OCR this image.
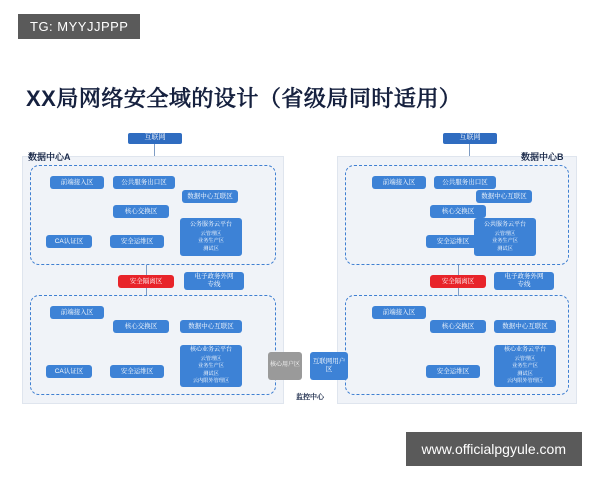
TG: MYYJJPPP
XX局网络安全域的设计（省级局同时适用）
互联网	互联网
数据中心A
前端接入区	公共服务出口区
数据中心互联区
核心交换区
公务服务云平台
云管理区
业务生产区
测试区
CA认证区	安全运维区
安全隔离区
电子政务外网
专线
前端接入区
核心交换区	数据中心互联区
核心业务云平台
云管理区
业务生产区
测试区
云内限外管理区
CA认证区	安全运维区
数据中心B
前端接入区	公共服务出口区
数据中心互联区
核心交换区
公共服务云平台
云管理区
业务生产区
测试区
安全运维区
安全隔离区
电子政务外网
专线
前端接入区
核心交换区	数据中心互联区
核心业务云平台
云管理区
业务生产区
测试区
云内限外管理区
安全运维区
核心用户区
互联网用户区
监控中心
www.officialpgyule.com
